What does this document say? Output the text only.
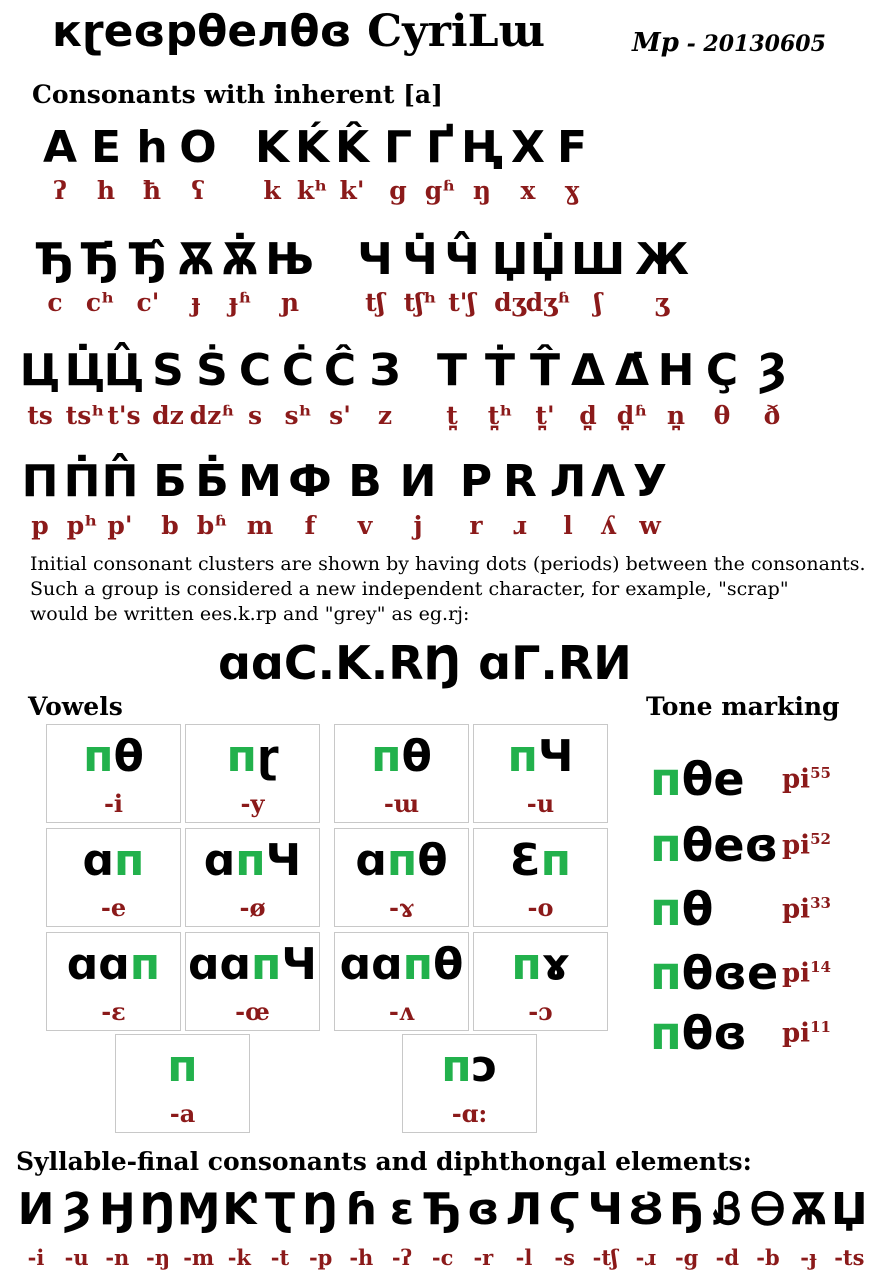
кɽеɞрθелθɞ CyriLɯ	Мр - 20130605
Consonants with inherent [a]
A
ʔ
E
h
h
ħ
O
ʕ
K
k
Ḱ
kʰ
K̂
k'
Г
g
Ґ
gʱ
Ң
ŋ
X
x
F
ɣ
Ђ
c
Ђ̇
cʰ
Ђ̂
c'
Ѫ
ɟ
Ѫ̇
ɟʱ
Њ
ɲ
Ч
tʃ
Ч̇
tʃʰ
Ч̂
t'ʃ
Џ
dʒ
Џ̇
dʒʱ
Ш
ʃ
Ж
ʒ
Ц
ts
Ц̇
tsʰ
Ц̂
t's
S
dz
Ṡ
dzʱ
C
s
Ċ
sʰ
Ĉ
s'
З
z
T
t̪
Ṫ
t̪ʰ
T̂
t̪'
Δ
d̪
Δ̇
d̪ʱ
H
n̪
Ç
θ
Ȝ
ð
П
p
П̇
pʰ
П̂
p'
Б
b
Б̇
bʱ
M
m
Ф
f
B
v
И
j
P
r
R
ɹ
Л
l
Λ
ʎ
У
w
Initial consonant clusters are shown by having dots (periods) between the consonants.
Such a group is considered a new independent character, for example, "scrap"
would be written ees.k.rp and "grey" as eg.rj:
ɑɑC.K.RŊ ɑГ.RИ
Vowels
пθ
-i
пɽ
-y
пθ
-ɯ
пЧ
-u
ɑп
-e
ɑпЧ
-ø
ɑпθ
-ɤ
Ɛп
-o
ɑɑп
-ɛ
ɑɑпЧ
-œ
ɑɑпθ
-ʌ
пɤ
-ɔ
п
-a
пɔ
-ɑ:
Tone marking
пθе $pi^{55}$
пθеɞ $pi^{52}$
пθ	$pi^{33}$
пθɞе $pi^{14}$
пθɞ $pi^{11}$
Syllable-final consonants and diphthongal elements:
И
-i
Ȝ
-u
Ӈ
-n
Ŋ
-ŋ
Ɱ
-m
Ƙ
-k
Ʈ
-t
Ŋ
-p
ɦ
-h
ɛ
-ʔ
Ђ
-c
ɞ
-r
Л
-l
Ϛ
-s
Ч
-tʃ
Ȣ
-ɹ
Ҕ
-g
Ᏸ
-d
Ꮎ
-b
Ѫ
-ɟ
Џ
-ts
